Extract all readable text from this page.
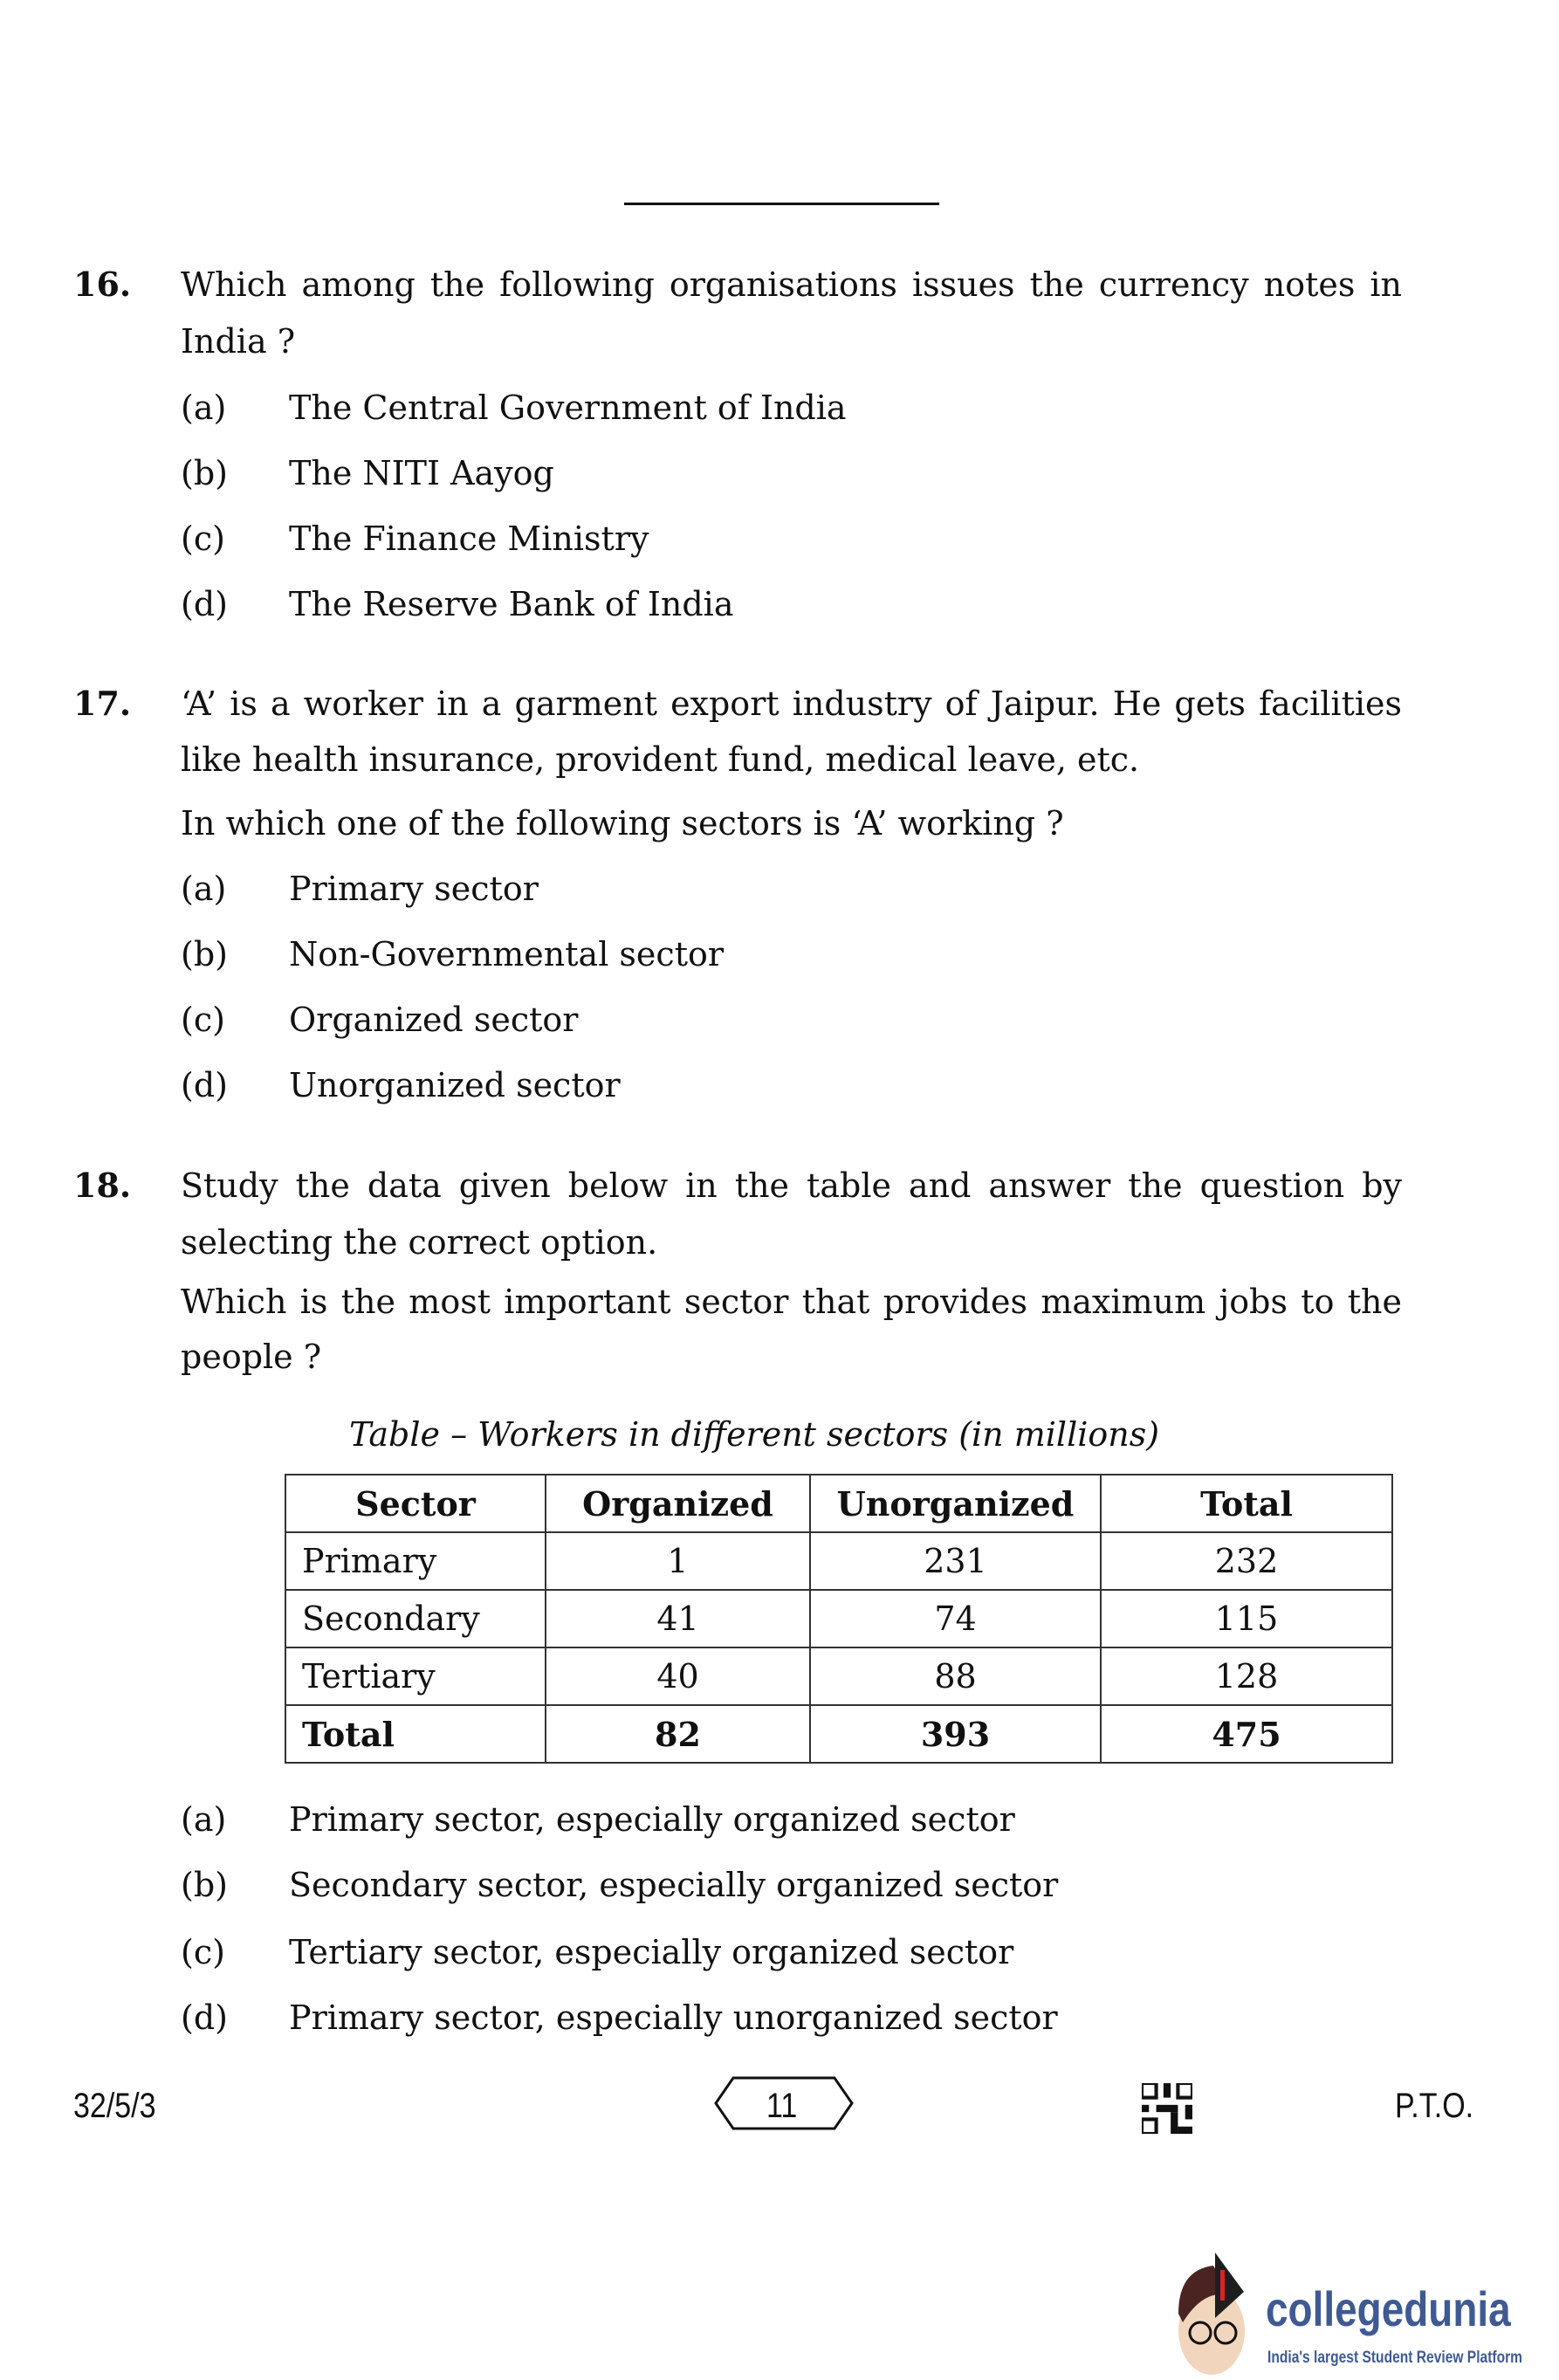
16. Which among the following organisations issues the currency notes in
India ?
(a) The Central Government of India
(b) The NITI Aayog
(c) The Finance Ministry
(d) The Reserve Bank of India
17. ‘A’ is a worker in a garment export industry of Jaipur. He gets facilities
like health insurance, provident fund, medical leave, etc.
In which one of the following sectors is ‘A’ working ?
(a) Primary sector
(b) Non-Governmental sector
(c) Organized sector
(d) Unorganized sector
18. Study the data given below in the table and answer the question by
selecting the correct option.
Which is the most important sector that provides maximum jobs to the
people ?
Table – Workers in different sectors (in millions)
Sector	Organized	Unorganized	Total
Primary	1	231	232
Secondary	41	74	115
Tertiary	40	88	128
Total	82	393	475
(a) Primary sector, especially organized sector
(b) Secondary sector, especially organized sector
(c) Tertiary sector, especially organized sector
(d) Primary sector, especially unorganized sector
32/5/3	11	P.T.O.
collegedunia
India's largest Student Review Platform
